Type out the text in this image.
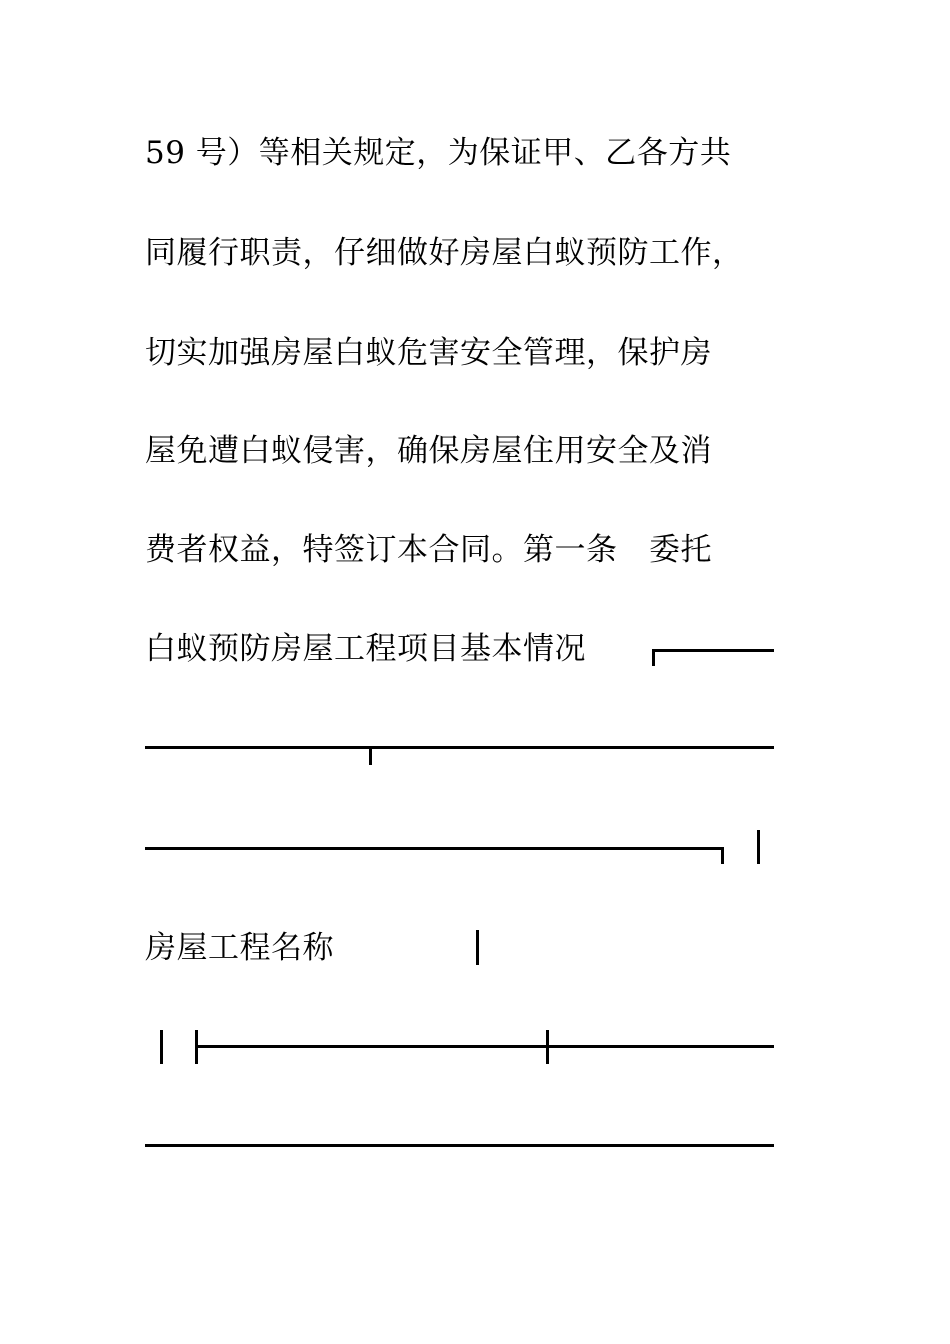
59 号）等相关规定，为保证甲、乙各方共
同履行职责，仔细做好房屋白蚁预防工作，
切实加强房屋白蚁危害安全管理，保护房
屋免遭白蚁侵害，确保房屋住用安全及消
费者权益，特签订本合同。第一条　委托
白蚁预防房屋工程项目基本情况
房屋工程名称
